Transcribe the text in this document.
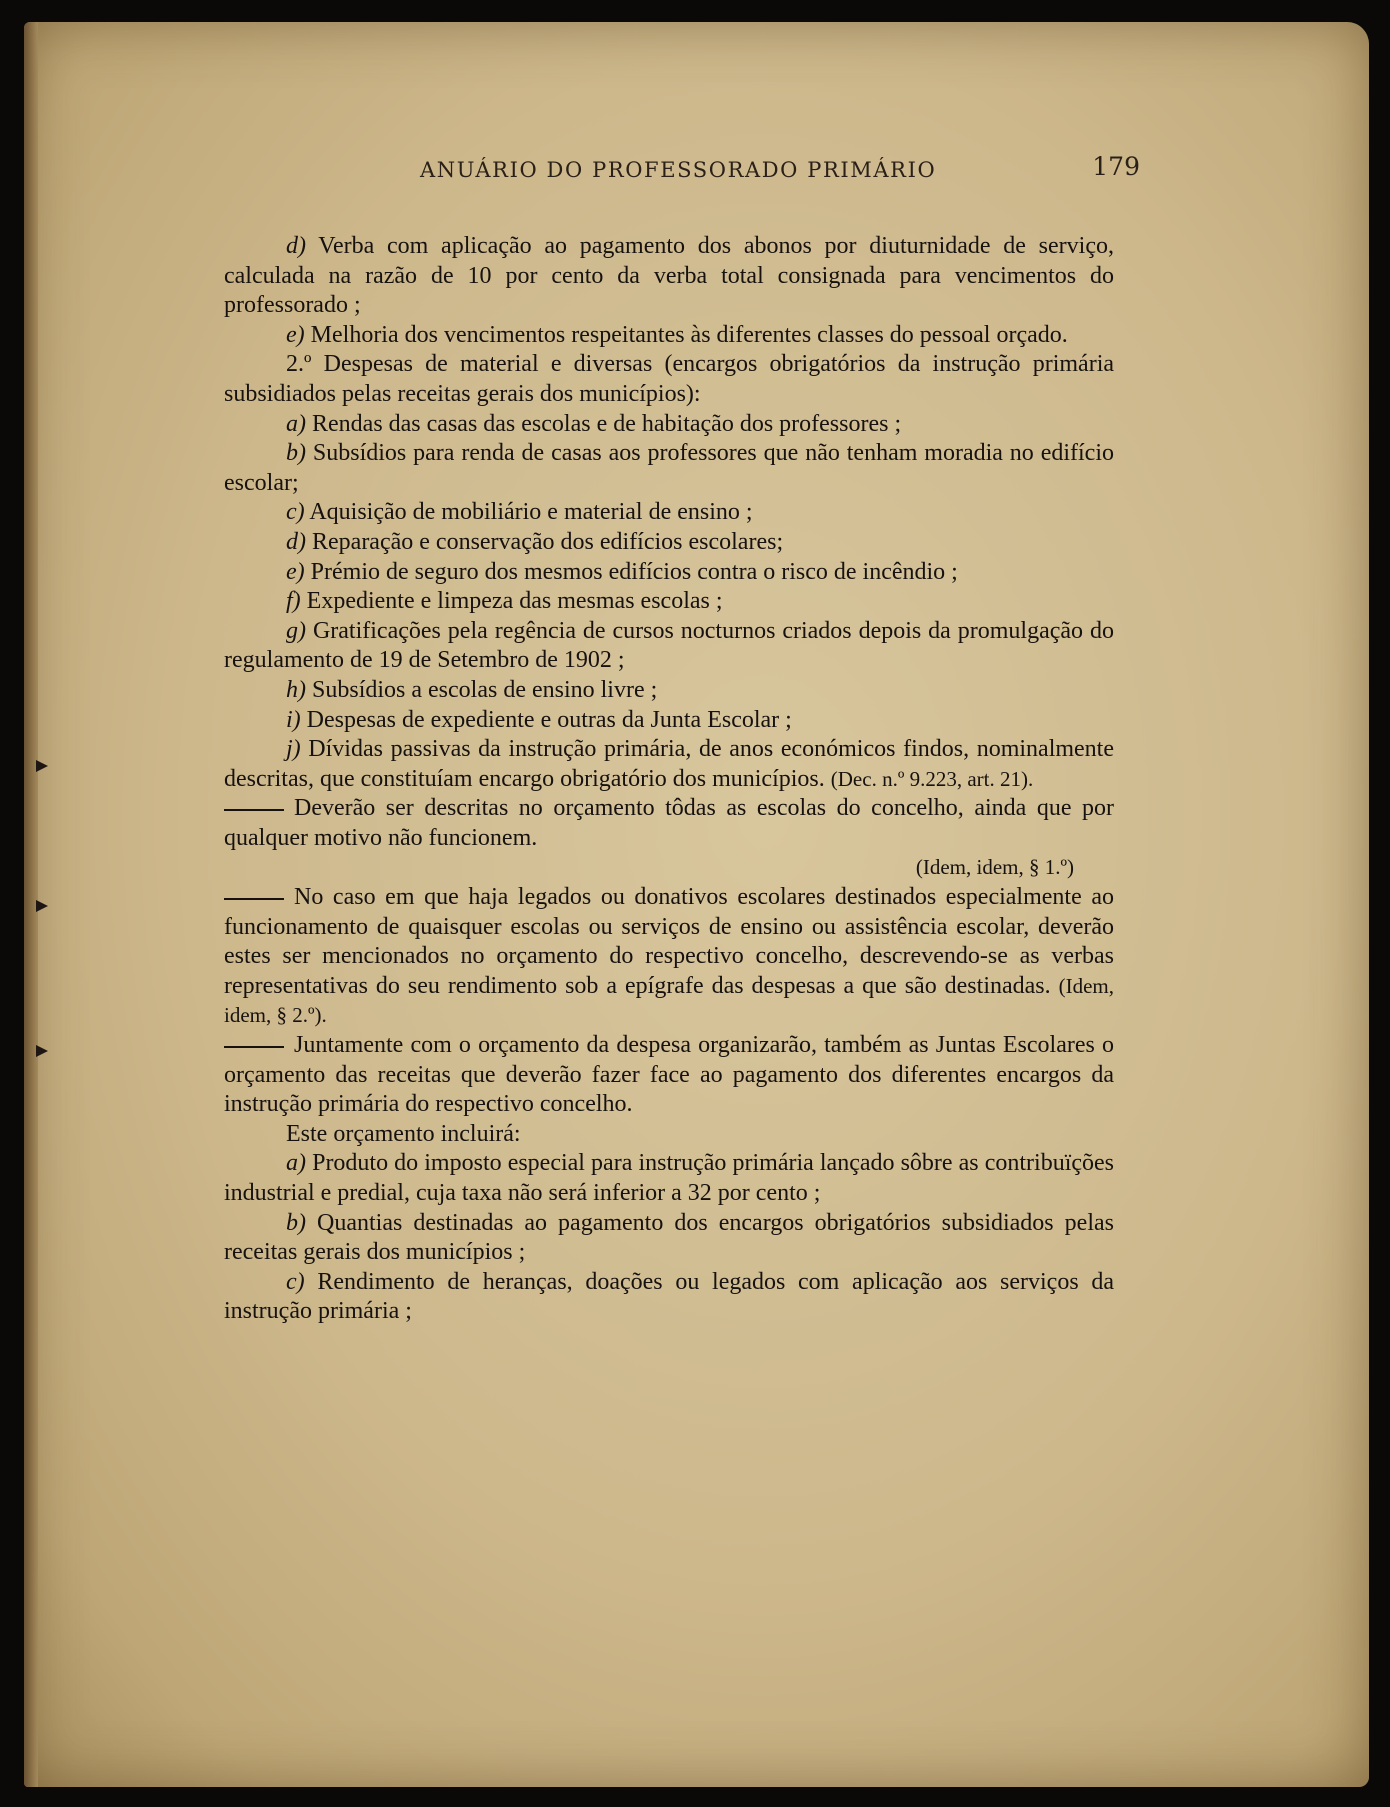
ANUÁRIO DO PROFESSORADO PRIMÁRIO	179

d) Verba com aplicação ao pagamento dos abonos por diuturnidade de serviço, calculada na razão de 10 por cento da verba total consignada para vencimentos do professorado ;

e) Melhoria dos vencimentos respeitantes às diferentes classes do pessoal orçado.

2.º Despesas de material e diversas (encargos obrigatórios da instrução primária subsidiados pelas receitas gerais dos municípios):

a) Rendas das casas das escolas e de habitação dos professores ;

b) Subsídios para renda de casas aos professores que não tenham moradia no edifício escolar;

c) Aquisição de mobiliário e material de ensino ;

d) Reparação e conservação dos edifícios escolares;

e) Prémio de seguro dos mesmos edifícios contra o risco de incêndio ;

f) Expediente e limpeza das mesmas escolas ;

g) Gratificações pela regência de cursos nocturnos criados depois da promulgação do regulamento de 19 de Setembro de 1902 ;

h) Subsídios a escolas de ensino livre ;

i) Despesas de expediente e outras da Junta Escolar ;

j) Dívidas passivas da instrução primária, de anos económicos findos, nominalmente descritas, que constituíam encargo obrigatório dos municípios. (Dec. n.º 9.223, art. 21).

Deverão ser descritas no orçamento tôdas as escolas do concelho, ainda que por qualquer motivo não funcionem.

(Idem, idem, § 1.º)

No caso em que haja legados ou donativos escolares destinados especialmente ao funcionamento de quaisquer escolas ou serviços de ensino ou assistência escolar, deverão estes ser mencionados no orçamento do respectivo concelho, descrevendo-se as verbas representativas do seu rendimento sob a epígrafe das despesas a que são destinadas. (Idem, idem, § 2.º).

Juntamente com o orçamento da despesa organizarão, também as Juntas Escolares o orçamento das receitas que deverão fazer face ao pagamento dos diferentes encargos da instrução primária do respectivo concelho.

Este orçamento incluirá:

a) Produto do imposto especial para instrução primária lançado sôbre as contribuïções industrial e predial, cuja taxa não será inferior a 32 por cento ;

b) Quantias destinadas ao pagamento dos encargos obrigatórios subsidiados pelas receitas gerais dos municípios ;

c) Rendimento de heranças, doações ou legados com aplicação aos serviços da instrução primária ;
